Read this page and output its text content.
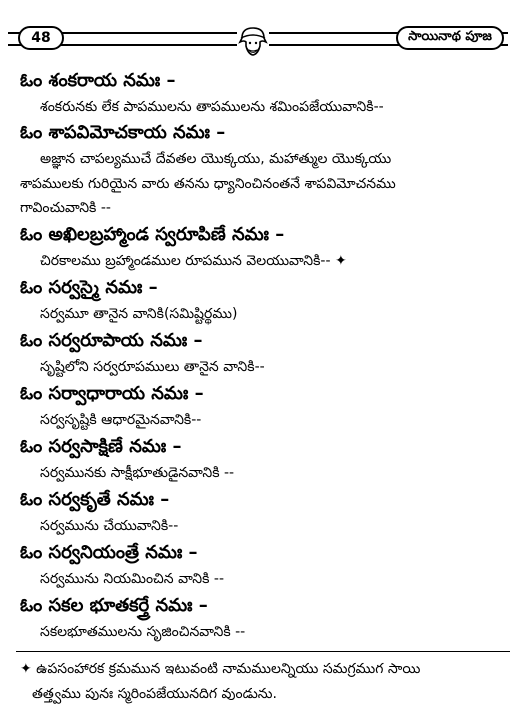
48	సాయినాథ పూజ
ఓం శంకరాయ నమః –
శంకరునకు లేక పాపములను తాపములను శమింపజేయువానికి--
ఓం శాపవిమోచకాయ నమః –
అజ్ఞాన చాపల్యముచే దేవతల యొక్కయు, మహాత్ముల యొక్కయు
శాపములకు గురియైన వారు తనను ధ్యానించినంతనే శాపవిమోచనము
గావించువానికి --
ఓం అఖిలబ్రహ్మాండ స్వరూపిణే నమః –
చిరకాలము బ్రహ్మాండముల రూపమున వెలయువానికి-- ✦
ఓం సర్వస్మై నమః –
సర్వమూ తానైన వానికి(సమిష్టిర్థము)
ఓం సర్వరూపాయ నమః –
సృష్టిలోని సర్వరూపములు తానైన వానికి--
ఓం సర్వాధారాయ నమః –
సర్వసృష్టికి ఆధారమైనవానికి--
ఓం సర్వసాక్షిణే నమః –
సర్వమునకు సాక్షీభూతుడైనవానికి --
ఓం సర్వకృతే నమః –
సర్వమును చేయువానికి--
ఓం సర్వనియంత్రే నమః –
సర్వమును నియమించిన వానికి --
ఓం సకల భూతకర్త్రే నమః –
సకలభూతములను సృజించినవానికి --
✦ ఉపసంహారక క్రమమున ఇటువంటి నామములన్నియు సమగ్రముగ సాయి
తత్త్వము పునః స్మరింపజేయునదిగ వుండును.
